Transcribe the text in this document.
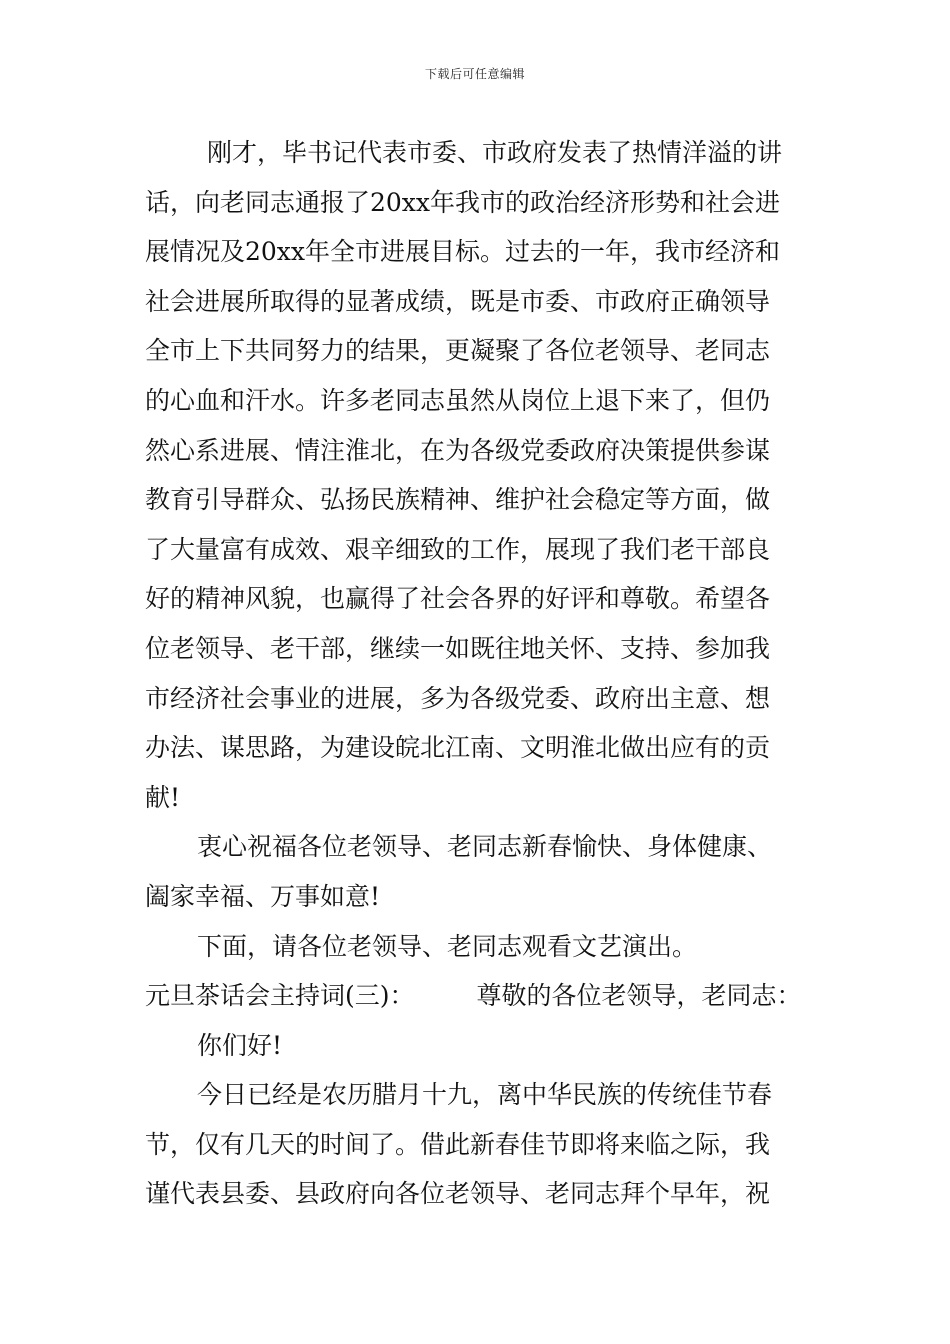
下载后可任意编辑
刚才，毕书记代表市委、市政府发表了热情洋溢的讲
话，向老同志通报了20xx年我市的政治经济形势和社会进
展情况及20xx年全市进展目标。过去的一年，我市经济和
社会进展所取得的显著成绩，既是市委、市政府正确领导
全市上下共同努力的结果，更凝聚了各位老领导、老同志
的心血和汗水。许多老同志虽然从岗位上退下来了，但仍
然心系进展、情注淮北，在为各级党委政府决策提供参谋
教育引导群众、弘扬民族精神、维护社会稳定等方面，做
了大量富有成效、艰辛细致的工作，展现了我们老干部良
好的精神风貌，也赢得了社会各界的好评和尊敬。希望各
位老领导、老干部，继续一如既往地关怀、支持、参加我
市经济社会事业的进展，多为各级党委、政府出主意、想
办法、谋思路，为建设皖北江南、文明淮北做出应有的贡
献!
衷心祝福各位老领导、老同志新春愉快、身体健康、
阖家幸福、万事如意!
下面，请各位老领导、老同志观看文艺演出。
元旦茶话会主持词(三)： 尊敬的各位老领导，老同志：
你们好!
今日已经是农历腊月十九，离中华民族的传统佳节春
节，仅有几天的时间了。借此新春佳节即将来临之际，我
谨代表县委、县政府向各位老领导、老同志拜个早年，祝
